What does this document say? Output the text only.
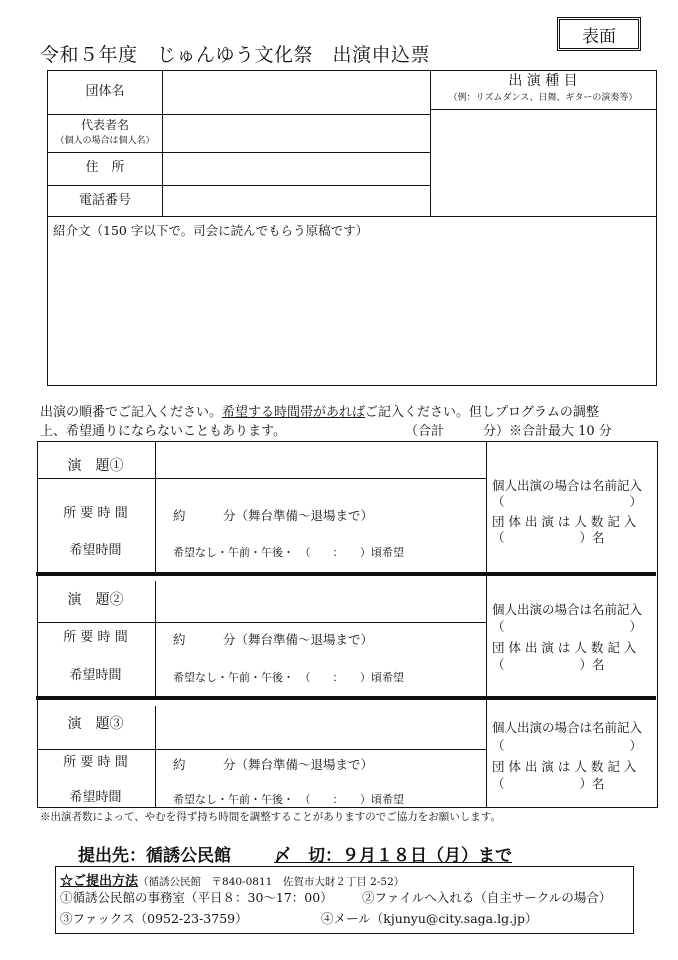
令和５年度　じゅんゆう文化祭　出演申込票
表面
団体名
出 演 種 目
（例：リズムダンス、日舞、ギターの演奏等）
代表者名
（個人の場合は個人名）
住　所
電話番号
紹介文（150 字以下で。司会に読んでもらう原稿です）
出演の順番でご記入ください。希望する時間帯があればご記入ください。但しプログラムの調整
上、希望通りにならないこともあります。	（合計　　　分）※合計最大 10 分
演　題①
所 要 時 間	約　　　分（舞台準備～退場まで）
希望時間	希望なし・午前・午後・　（　　：　　）頃希望
個人出演の場合は名前記入
（　　　　　　　　　　）
団 体 出 演 は 人 数 記 入
（　　　　　　）名
演　題②
所 要 時 間	約　　　分（舞台準備～退場まで）
希望時間	希望なし・午前・午後・　（　　：　　）頃希望
個人出演の場合は名前記入
（　　　　　　　　　　）
団 体 出 演 は 人 数 記 入
（　　　　　　）名
演　題③
所 要 時 間	約　　　分（舞台準備～退場まで）
希望時間	希望なし・午前・午後・　（　　：　　）頃希望
個人出演の場合は名前記入
（　　　　　　　　　　）
団 体 出 演 は 人 数 記 入
（　　　　　　）名
※出演者数によって、やむを得ず持ち時間を調整することがありますのでご協力をお願いします。
提出先：循誘公民館	〆　切：９月１８日（月）まで
☆ご提出方法（循誘公民館　〒840-0811　佐賀市大財２丁目 2-52）
①循誘公民館の事務室（平日８：30～17：00） ②ファイルへ入れる（自主サークルの場合）
③ファックス（0952-23-3759）	④メール（kjunyu@city.saga.lg.jp）
